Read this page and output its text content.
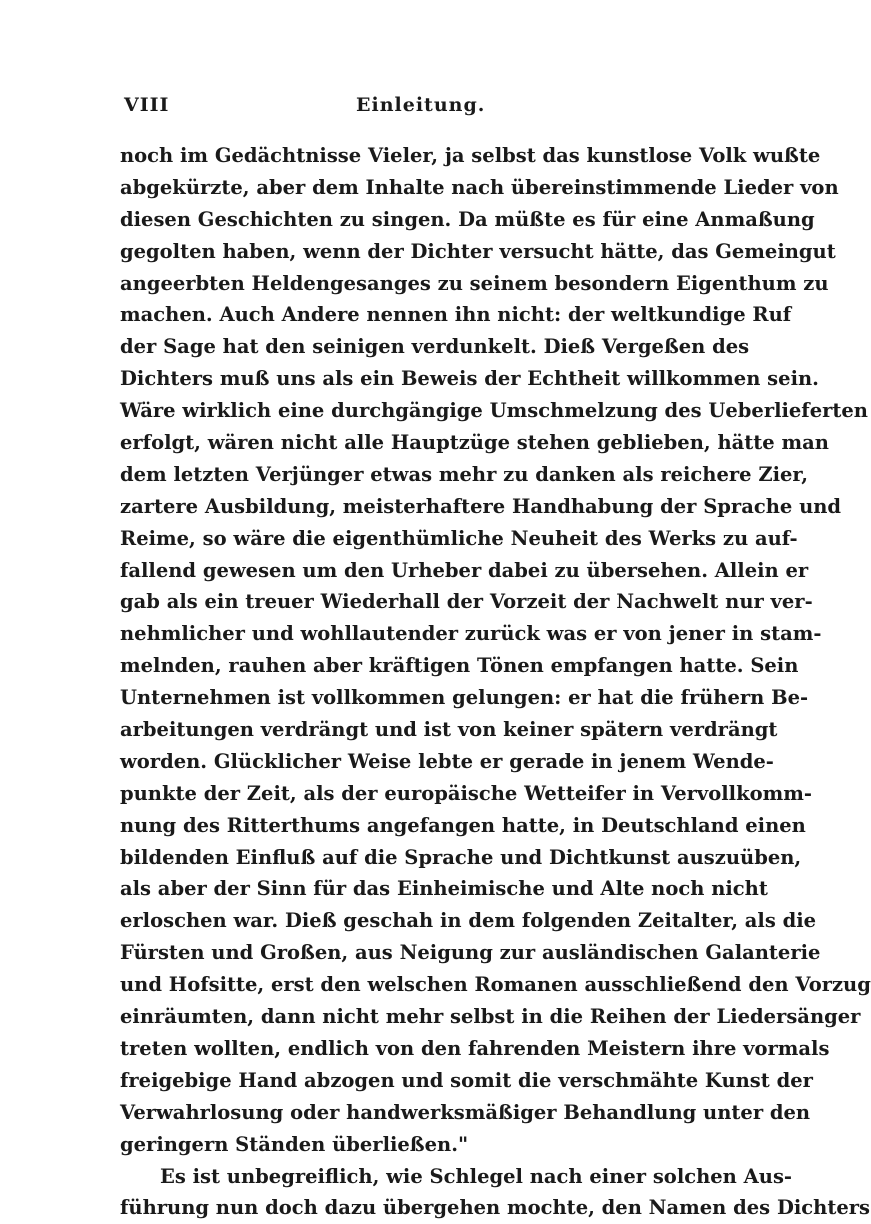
VIII	Einleitung.
noch im Gedächtnisse Vieler, ja selbst das kunstlose Volk wußte
abgekürzte, aber dem Inhalte nach übereinstimmende Lieder von
diesen Geschichten zu singen. Da müßte es für eine Anmaßung
gegolten haben, wenn der Dichter versucht hätte, das Gemeingut
angeerbten Heldengesanges zu seinem besondern Eigenthum zu
machen. Auch Andere nennen ihn nicht: der weltkundige Ruf
der Sage hat den seinigen verdunkelt. Dieß Vergeßen des
Dichters muß uns als ein Beweis der Echtheit willkommen sein.
Wäre wirklich eine durchgängige Umschmelzung des Ueberlieferten
erfolgt, wären nicht alle Hauptzüge stehen geblieben, hätte man
dem letzten Verjünger etwas mehr zu danken als reichere Zier,
zartere Ausbildung, meisterhaftere Handhabung der Sprache und
Reime, so wäre die eigenthümliche Neuheit des Werks zu auf-
fallend gewesen um den Urheber dabei zu übersehen. Allein er
gab als ein treuer Wiederhall der Vorzeit der Nachwelt nur ver-
nehmlicher und wohllautender zurück was er von jener in stam-
melnden, rauhen aber kräftigen Tönen empfangen hatte. Sein
Unternehmen ist vollkommen gelungen: er hat die frühern Be-
arbeitungen verdrängt und ist von keiner spätern verdrängt
worden. Glücklicher Weise lebte er gerade in jenem Wende-
punkte der Zeit, als der europäische Wetteifer in Vervollkomm-
nung des Ritterthums angefangen hatte, in Deutschland einen
bildenden Einfluß auf die Sprache und Dichtkunst auszuüben,
als aber der Sinn für das Einheimische und Alte noch nicht
erloschen war. Dieß geschah in dem folgenden Zeitalter, als die
Fürsten und Großen, aus Neigung zur ausländischen Galanterie
und Hofsitte, erst den welschen Romanen ausschließend den Vorzug
einräumten, dann nicht mehr selbst in die Reihen der Liedersänger
treten wollten, endlich von den fahrenden Meistern ihre vormals
freigebige Hand abzogen und somit die verschmähte Kunst der
Verwahrlosung oder handwerksmäßiger Behandlung unter den
geringern Ständen überließen."
Es ist unbegreiflich, wie Schlegel nach einer solchen Aus-
führung nun doch dazu übergehen mochte, den Namen des Dichters
